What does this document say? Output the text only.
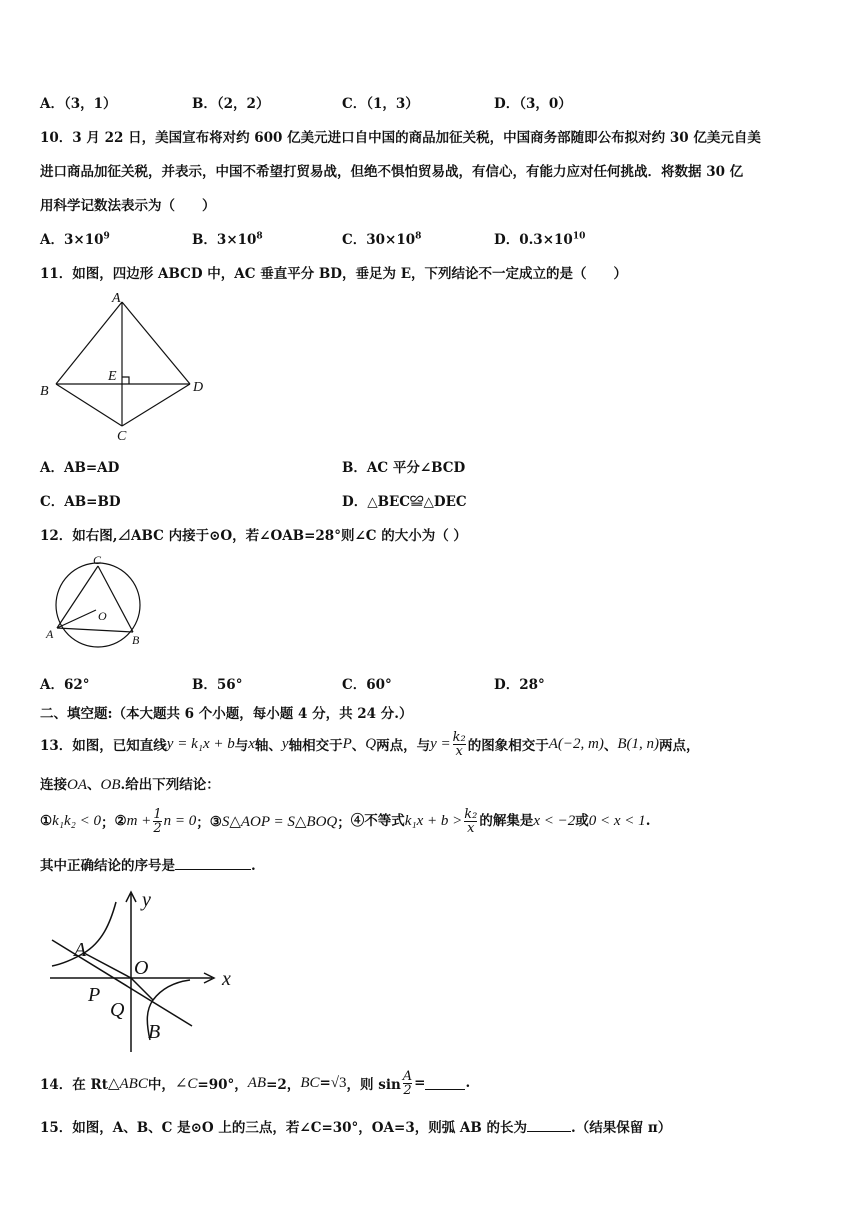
A．（3，1）	B．（2，2）	C．（1，3）	D．（3，0）
10．3 月 22 日，美国宣布将对约 600 亿美元进口自中国的商品加征关税，中国商务部随即公布拟对约 30 亿美元自美
进口商品加征关税，并表示，中国不希望打贸易战，但绝不惧怕贸易战，有信心，有能力应对任何挑战．将数据 30 亿
用科学记数法表示为（　　）
A．$3\times 10^9$	B．$3\times 10^8$	C．$30\times 10^8$	D．$0.3\times 10^{10}$
11．如图，四边形 ABCD 中，AC 垂直平分 BD，垂足为 E，下列结论不一定成立的是（　　）
A
B
C
D
E
A．AB=AD	B．AC 平分∠BCD
C．AB=BD	D．△BEC≌△DEC
12．如右图,⊿ABC 内接于⊙O，若∠OAB=28°则∠C 的大小为（ ）
C
A	B
O
A．62°	B．56°	C．60°	D．28°
二、填空题:（本大题共 6 个小题，每小题 4 分，共 24 分.）
13．如图，已知直线 y = k₁x + b 与 x 轴、 y 轴相交于 P 、 Q 两点，与 $y = \frac{\text{k₂}}{x}$ 的图象相交于 A(−2, m) 、 B(1, n) 两点，
连接OA、OB.给出下列结论：
①k₁k₂ < 0 ； ②m + $\frac{1}{2}$ n = 0 ； ③S△AOP = S△BOQ ； ④不等式$k_1x + b > \frac{\text{k₂}}{x}$ 的解集是x < −2或0 < x < 1.
其中正确结论的序号是	.
y
x
A
O
P
Q
B
14．在 Rt △ABC 中， ∠C =90°， AB =2， BC = √3 ，则 $\sin \frac{A}{2}$ =	.
15．如图，A、B、C 是⊙O 上的三点，若∠C=30°，OA=3，则弧 AB 的长为	.（结果保留 π）
